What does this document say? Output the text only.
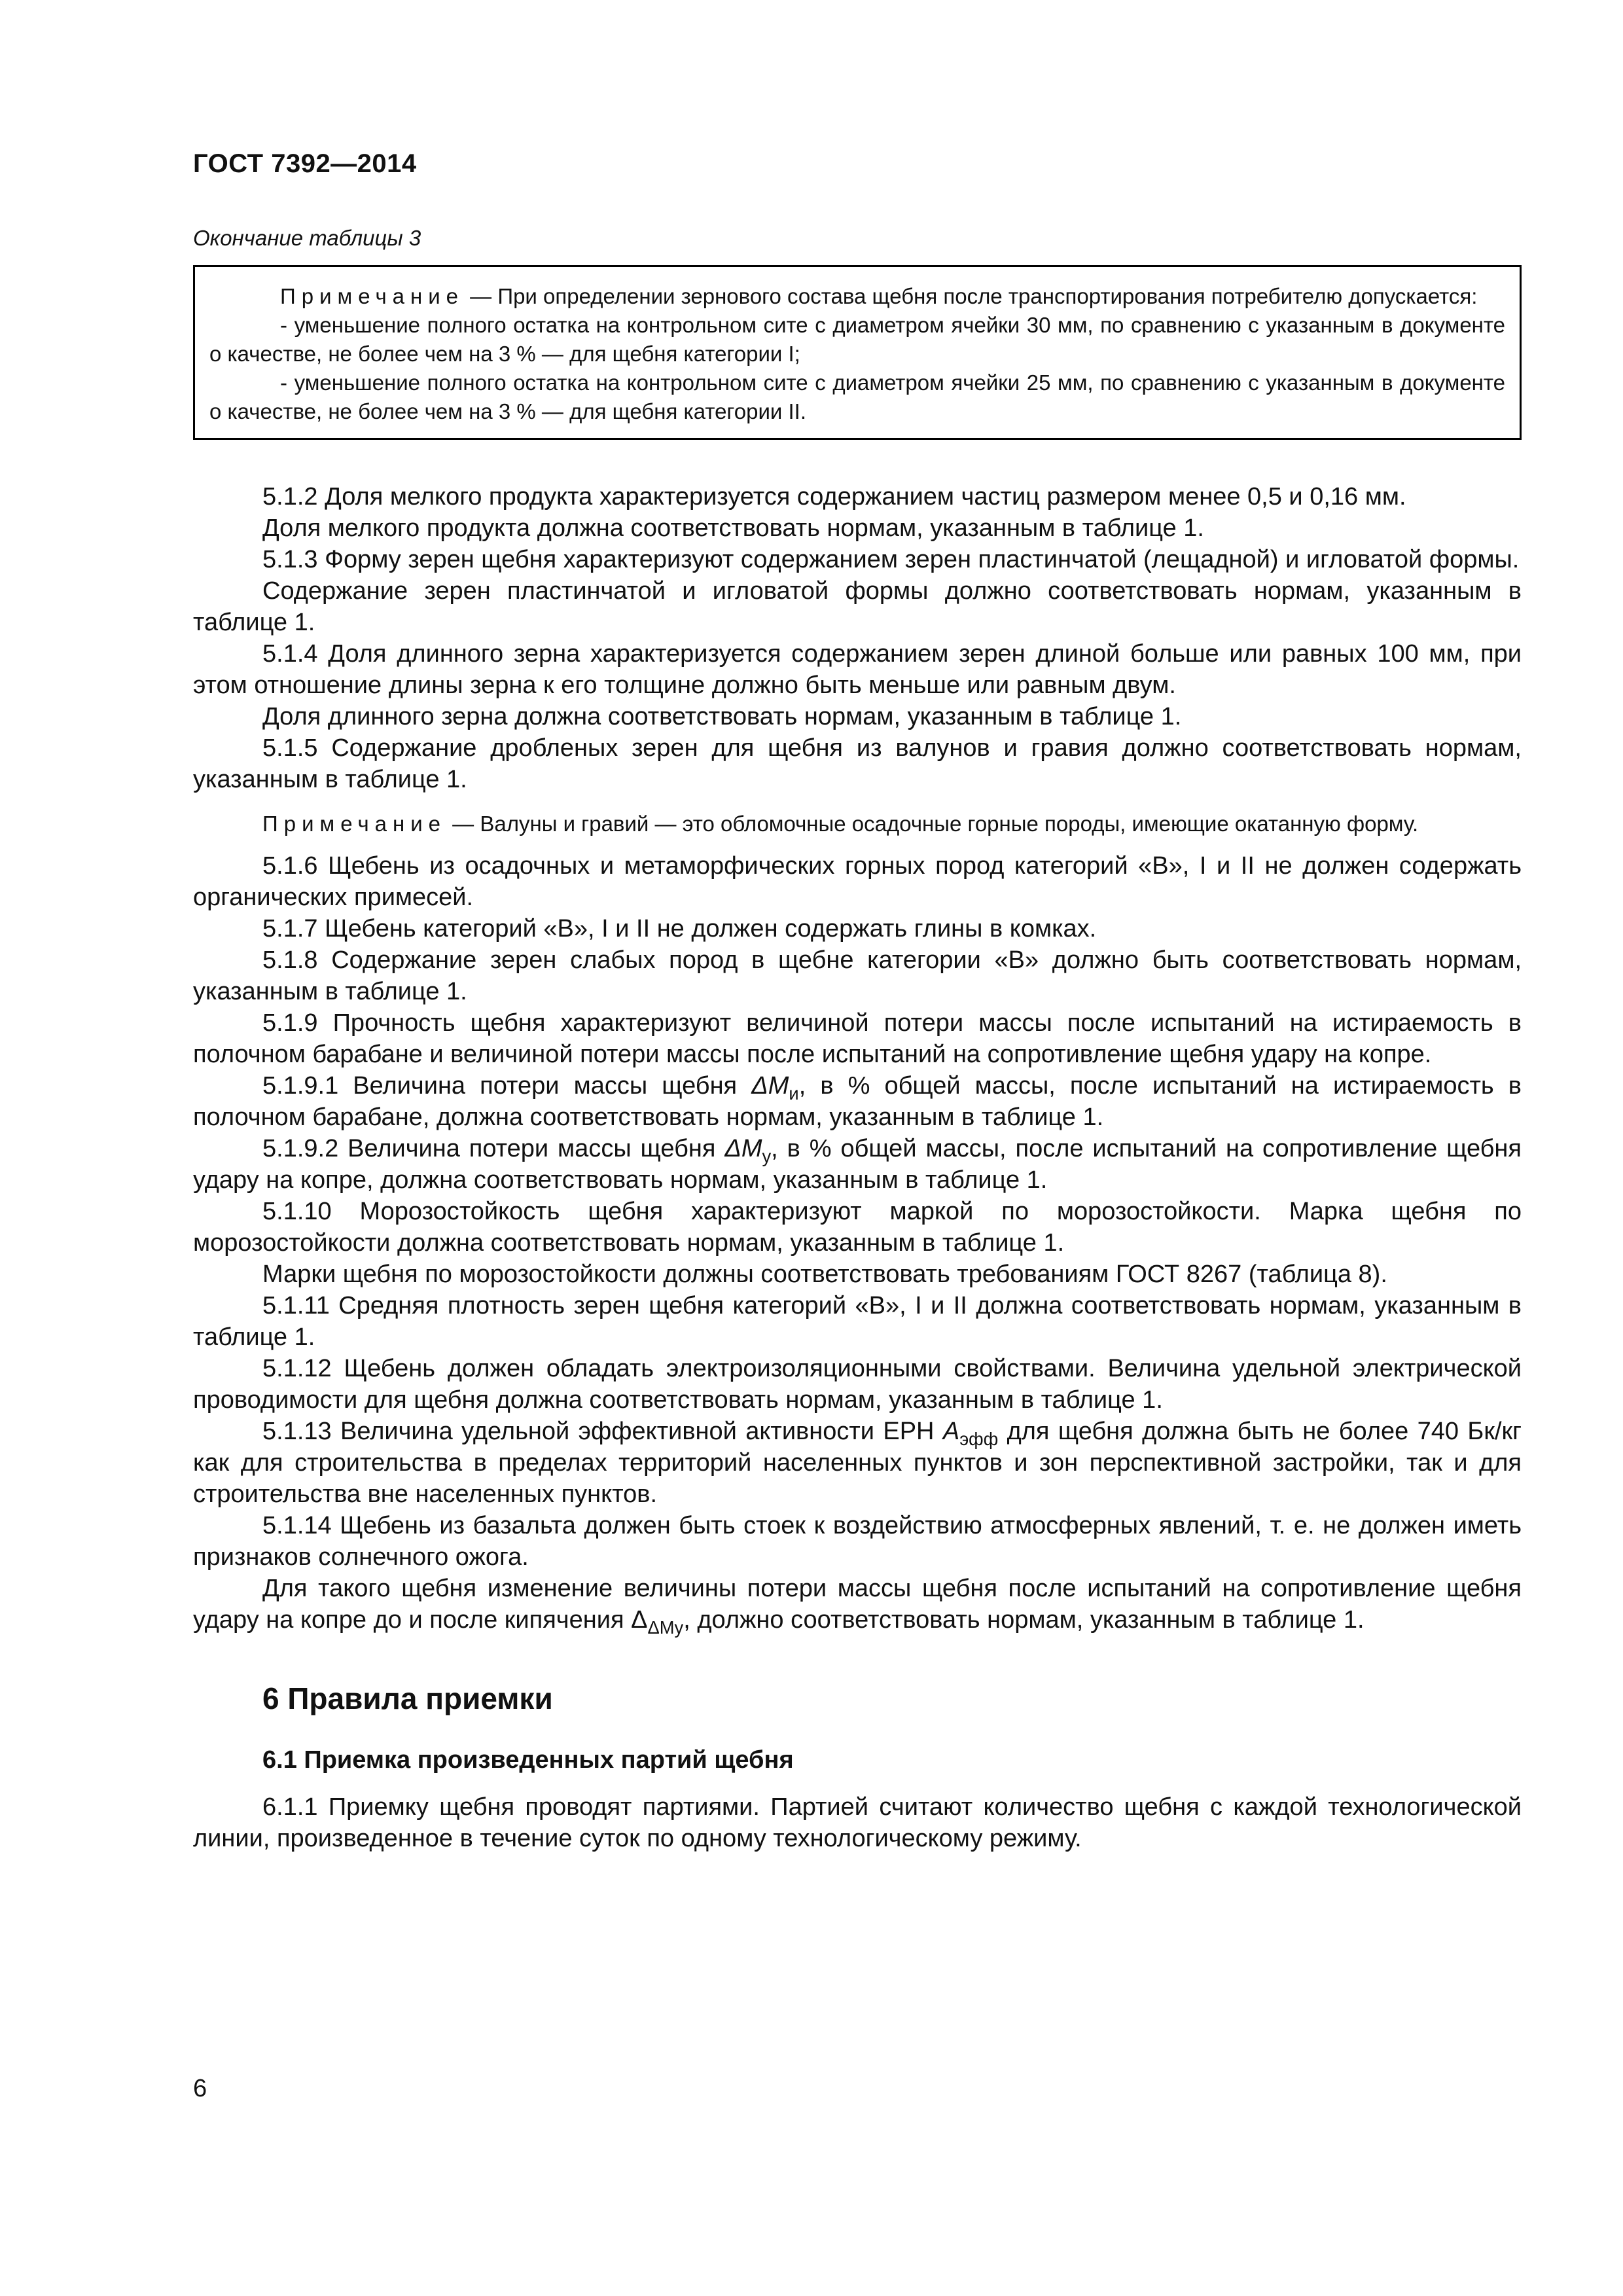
ГОСТ 7392—2014
Окончание таблицы 3

Примечание — При определении зернового состава щебня после транспортирования потребителю допускается:

- уменьшение полного остатка на контрольном сите с диаметром ячейки 30 мм, по сравнению с указанным в документе о качестве, не более чем на 3 % — для щебня категории I;

- уменьшение полного остатка на контрольном сите с диаметром ячейки 25 мм, по сравнению с указанным в документе о качестве, не более чем на 3 % — для щебня категории II.

5.1.2 Доля мелкого продукта характеризуется содержанием частиц размером менее 0,5 и 0,16 мм.

Доля мелкого продукта должна соответствовать нормам, указанным в таблице 1.

5.1.3 Форму зерен щебня характеризуют содержанием зерен пластинчатой (лещадной) и игловатой формы.

Содержание зерен пластинчатой и игловатой формы должно соответствовать нормам, указанным в таблице 1.

5.1.4 Доля длинного зерна характеризуется содержанием зерен длиной больше или равных 100 мм, при этом отношение длины зерна к его толщине должно быть меньше или равным двум.

Доля длинного зерна должна соответствовать нормам, указанным в таблице 1.

5.1.5 Содержание дробленых зерен для щебня из валунов и гравия должно соответствовать нормам, указанным в таблице 1.

Примечание — Валуны и гравий — это обломочные осадочные горные породы, имеющие окатанную форму.

5.1.6 Щебень из осадочных и метаморфических горных пород категорий «В», I и II не должен содержать органических примесей.

5.1.7 Щебень категорий «В», I и II не должен содержать глины в комках.

5.1.8 Содержание зерен слабых пород в щебне категории «В» должно быть соответствовать нормам, указанным в таблице 1.

5.1.9 Прочность щебня характеризуют величиной потери массы после испытаний на истираемость в полочном барабане и величиной потери массы после испытаний на сопротивление щебня удару на копре.

5.1.9.1 Величина потери массы щебня $\Delta M_и$, в % общей массы, после испытаний на истираемость в полочном барабане, должна соответствовать нормам, указанным в таблице 1.

5.1.9.2 Величина потери массы щебня $\Delta M_у$, в % общей массы, после испытаний на сопротивление щебня удару на копре, должна соответствовать нормам, указанным в таблице 1.

5.1.10 Морозостойкость щебня характеризуют маркой по морозостойкости. Марка щебня по морозостойкости должна соответствовать нормам, указанным в таблице 1.

Марки щебня по морозостойкости должны соответствовать требованиям ГОСТ 8267 (таблица 8).

5.1.11 Средняя плотность зерен щебня категорий «В», I и II должна соответствовать нормам, указанным в таблице 1.

5.1.12 Щебень должен обладать электроизоляционными свойствами. Величина удельной электрической проводимости для щебня должна соответствовать нормам, указанным в таблице 1.

5.1.13 Величина удельной эффективной активности ЕРН $A_{эфф}$ для щебня должна быть не более 740 Бк/кг как для строительства в пределах территорий населенных пунктов и зон перспективной застройки, так и для строительства вне населенных пунктов.

5.1.14 Щебень из базальта должен быть стоек к воздействию атмосферных явлений, т. е. не должен иметь признаков солнечного ожога.

Для такого щебня изменение величины потери массы щебня после испытаний на сопротивление щебня удару на копре до и после кипячения $\Delta_{\Delta My}$, должно соответствовать нормам, указанным в таблице 1.

6 Правила приемки
6.1 Приемка произведенных партий щебня

6.1.1 Приемку щебня проводят партиями. Партией считают количество щебня с каждой технологической линии, произведенное в течение суток по одному технологическому режиму.

6
